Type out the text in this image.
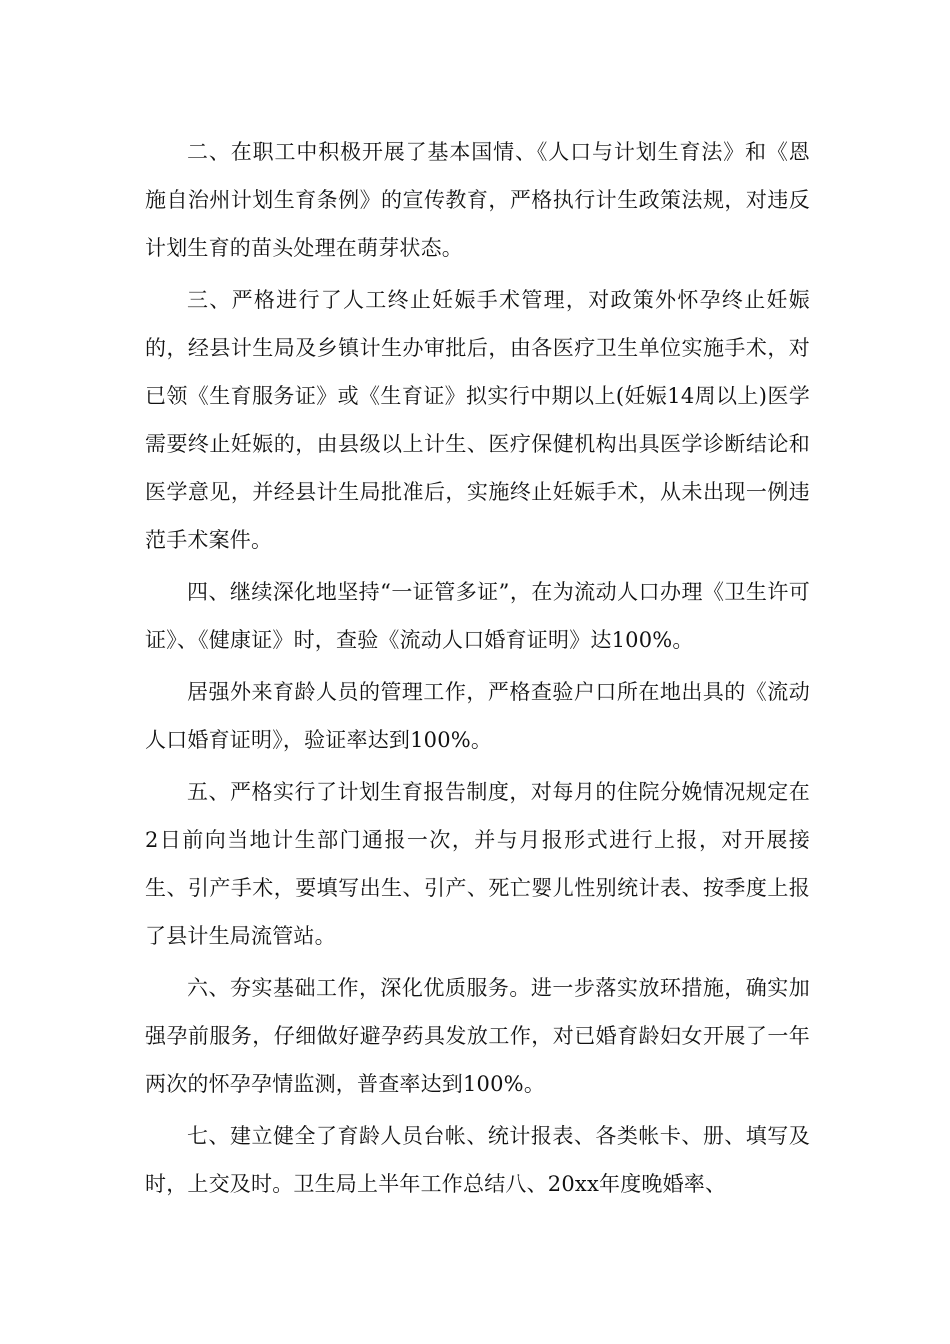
二、在职工中积极开展了基本国情、《人口与计划生育法》和《恩施自治州计划生育条例》的宣传教育，严格执行计生政策法规，对违反计划生育的苗头处理在萌芽状态。

三、严格进行了人工终止妊娠手术管理，对政策外怀孕终止妊娠的，经县计生局及乡镇计生办审批后，由各医疗卫生单位实施手术，对已领《生育服务证》或《生育证》拟实行中期以上(妊娠14周以上)医学需要终止妊娠的，由县级以上计生、医疗保健机构出具医学诊断结论和医学意见，并经县计生局批准后，实施终止妊娠手术，从未出现一例违范手术案件。

四、继续深化地坚持“一证管多证”，在为流动人口办理《卫生许可证》、《健康证》时，查验《流动人口婚育证明》达100%。

居强外来育龄人员的管理工作，严格查验户口所在地出具的《流动人口婚育证明》，验证率达到100%。

五、严格实行了计划生育报告制度，对每月的住院分娩情况规定在2日前向当地计生部门通报一次，并与月报形式进行上报，对开展接生、引产手术，要填写出生、引产、死亡婴儿性别统计表、按季度上报了县计生局流管站。

六、夯实基础工作，深化优质服务。进一步落实放环措施，确实加强孕前服务，仔细做好避孕药具发放工作，对已婚育龄妇女开展了一年两次的怀孕孕情监测，普查率达到100%。

七、建立健全了育龄人员台帐、统计报表、各类帐卡、册、填写及时，上交及时。卫生局上半年工作总结八、20xx年度晚婚率、
